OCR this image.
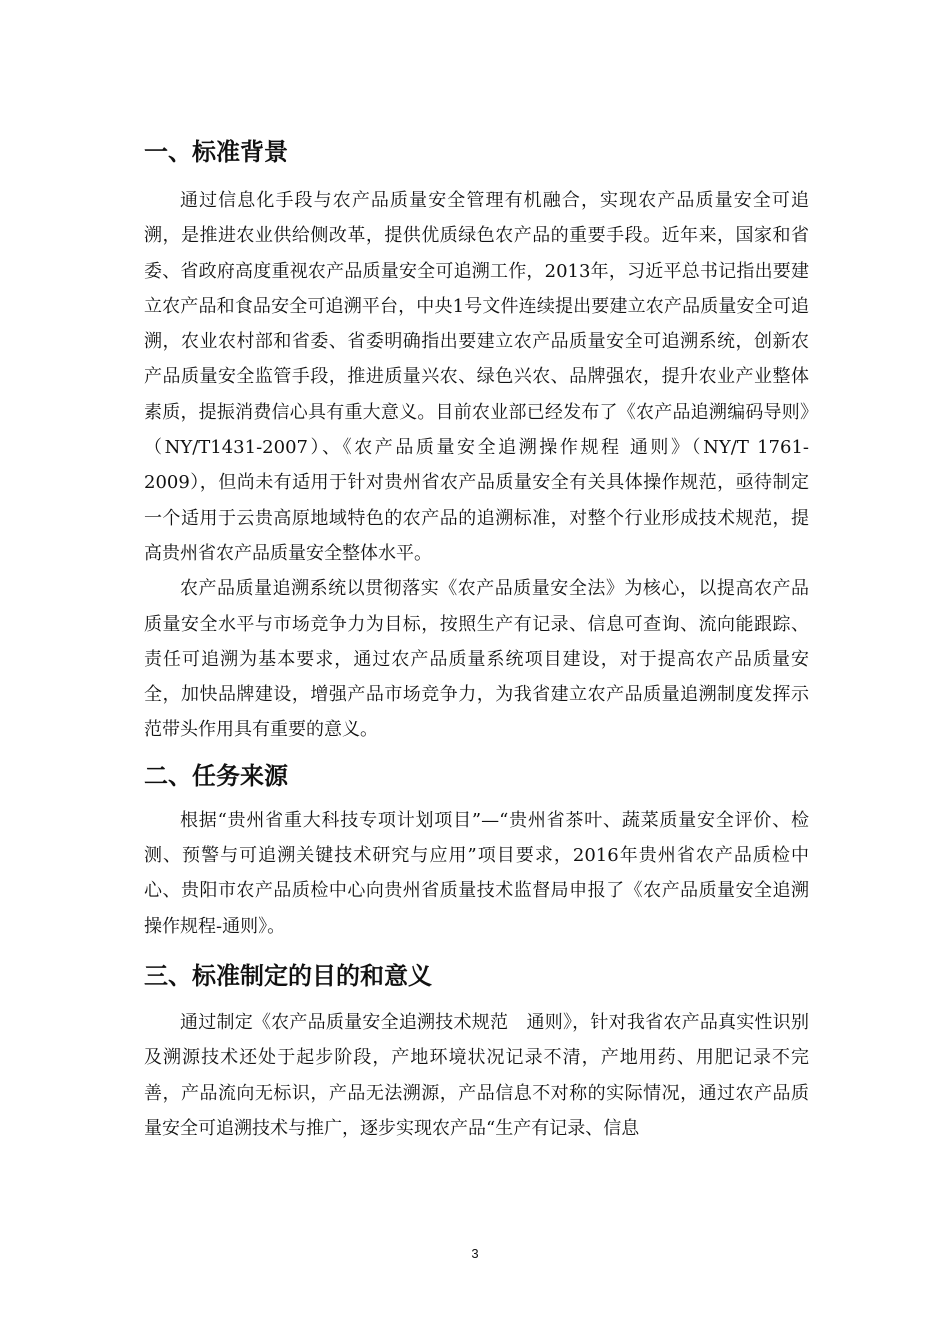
一、标准背景

通过信息化手段与农产品质量安全管理有机融合，实现农产品质量安全可追溯，是推进农业供给侧改革，提供优质绿色农产品的重要手段。近年来，国家和省委、省政府高度重视农产品质量安全可追溯工作，2013年，习近平总书记指出要建立农产品和食品安全可追溯平台，中央1号文件连续提出要建立农产品质量安全可追溯，农业农村部和省委、省委明确指出要建立农产品质量安全可追溯系统，创新农产品质量安全监管手段，推进质量兴农、绿色兴农、品牌强农，提升农业产业整体素质，提振消费信心具有重大意义。目前农业部已经发布了《农产品追溯编码导则》（NY/T1431-2007）、《农产品质量安全追溯操作规程 通则》（NY/T 1761-2009），但尚未有适用于针对贵州省农产品质量安全有关具体操作规范，亟待制定一个适用于云贵高原地域特色的农产品的追溯标准，对整个行业形成技术规范，提高贵州省农产品质量安全整体水平。

农产品质量追溯系统以贯彻落实《农产品质量安全法》为核心，以提高农产品质量安全水平与市场竞争力为目标，按照生产有记录、信息可查询、流向能跟踪、责任可追溯为基本要求，通过农产品质量系统项目建设，对于提高农产品质量安全，加快品牌建设，增强产品市场竞争力，为我省建立农产品质量追溯制度发挥示范带头作用具有重要的意义。

二、任务来源

根据“贵州省重大科技专项计划项目”—“贵州省茶叶、蔬菜质量安全评价、检测、预警与可追溯关键技术研究与应用”项目要求，2016年贵州省农产品质检中心、贵阳市农产品质检中心向贵州省质量技术监督局申报了《农产品质量安全追溯操作规程-通则》。

三、标准制定的目的和意义

通过制定《农产品质量安全追溯技术规范　通则》，针对我省农产品真实性识别及溯源技术还处于起步阶段，产地环境状况记录不清，产地用药、用肥记录不完善，产品流向无标识，产品无法溯源，产品信息不对称的实际情况，通过农产品质量安全可追溯技术与推广，逐步实现农产品“生产有记录、信息

3
